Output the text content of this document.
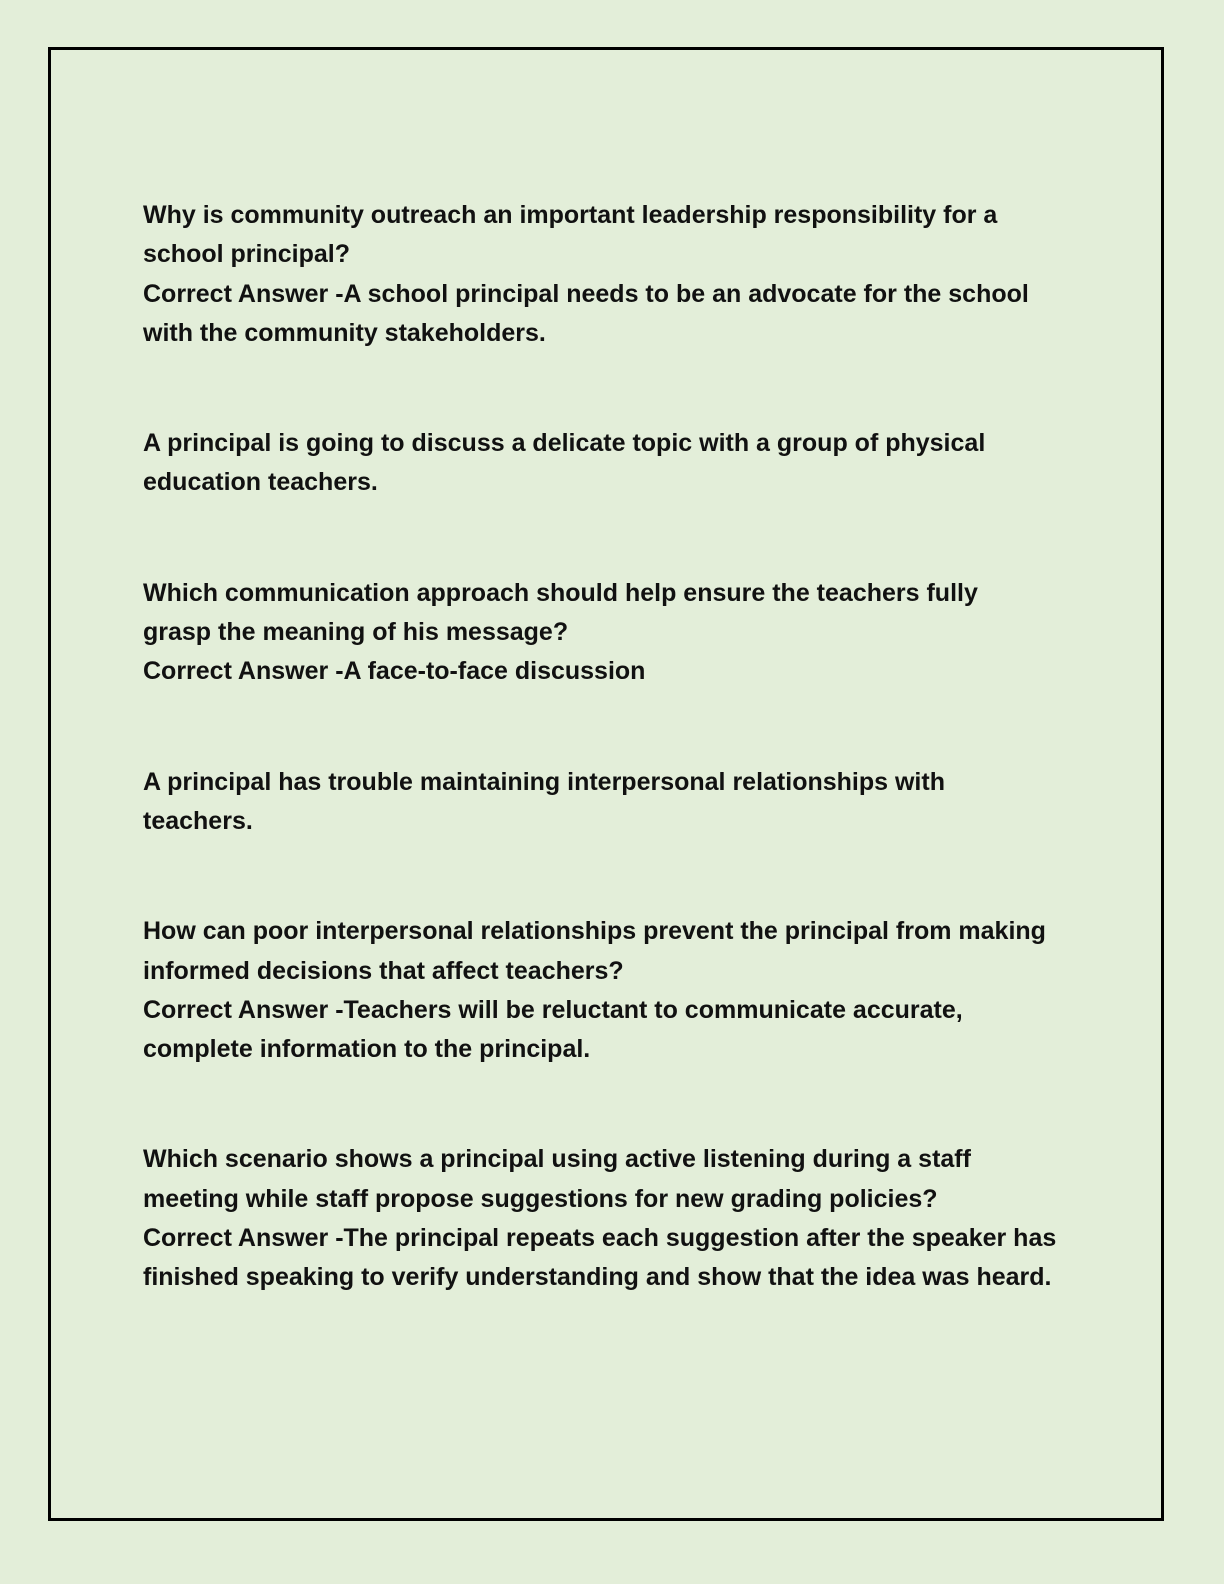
Why is community outreach an important leadership responsibility for a
school principal?
Correct Answer -A school principal needs to be an advocate for the school
with the community stakeholders.

A principal is going to discuss a delicate topic with a group of physical
education teachers.

Which communication approach should help ensure the teachers fully
grasp the meaning of his message?
Correct Answer -A face-to-face discussion

A principal has trouble maintaining interpersonal relationships with
teachers.

How can poor interpersonal relationships prevent the principal from making
informed decisions that affect teachers?
Correct Answer -Teachers will be reluctant to communicate accurate,
complete information to the principal.

Which scenario shows a principal using active listening during a staff
meeting while staff propose suggestions for new grading policies?
Correct Answer -The principal repeats each suggestion after the speaker has
finished speaking to verify understanding and show that the idea was heard.
